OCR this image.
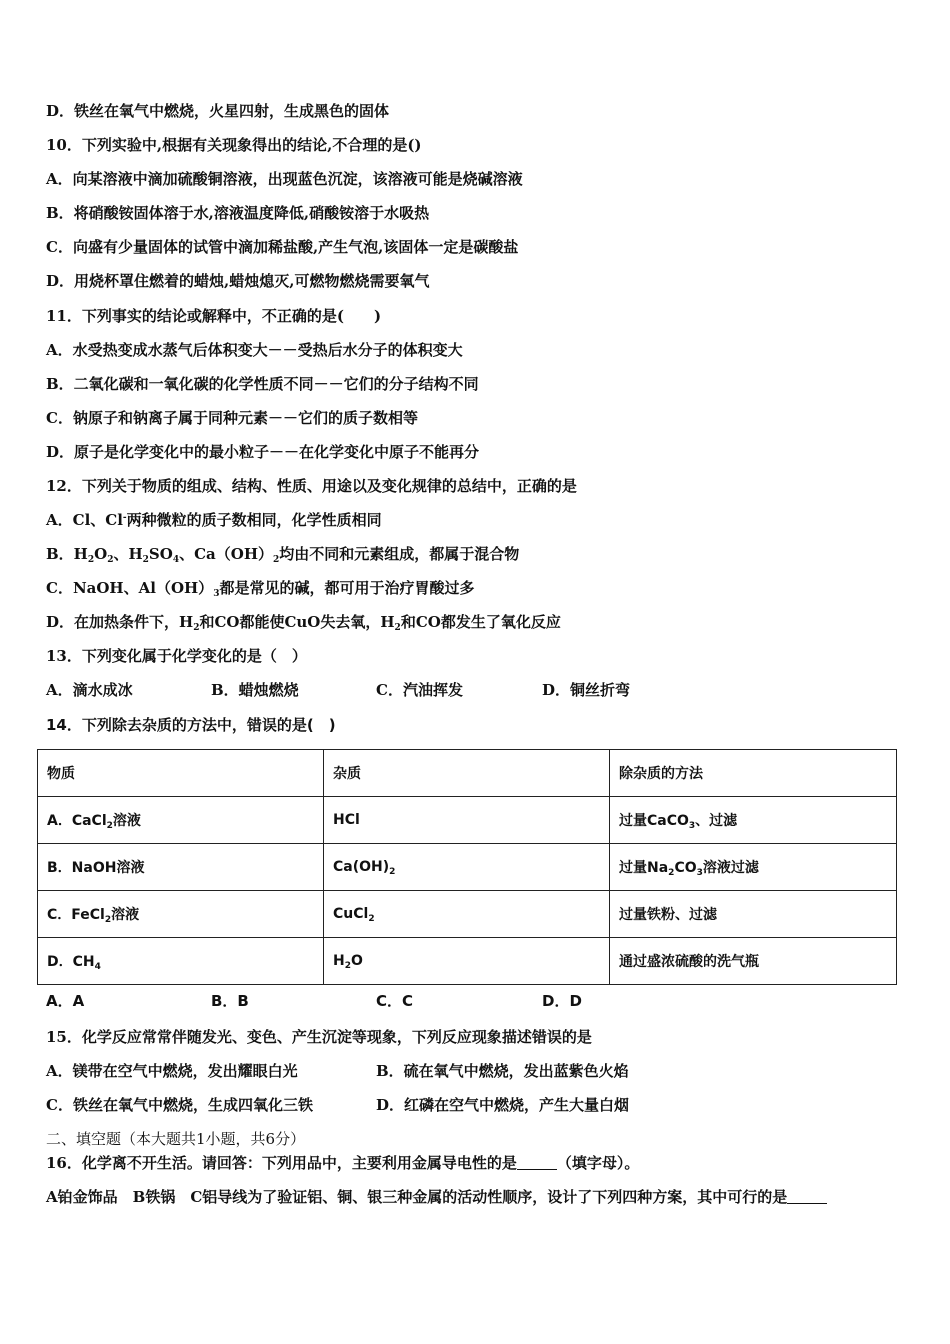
D．铁丝在氧气中燃烧，火星四射，生成黑色的固体
10．下列实验中,根据有关现象得出的结论,不合理的是()
A．向某溶液中滴加硫酸铜溶液，出现蓝色沉淀，该溶液可能是烧碱溶液
B．将硝酸铵固体溶于水,溶液温度降低,硝酸铵溶于水吸热
C．向盛有少量固体的试管中滴加稀盐酸,产生气泡,该固体一定是碳酸盐
D．用烧杯罩住燃着的蜡烛,蜡烛熄灭,可燃物燃烧需要氧气
11．下列事实的结论或解释中，不正确的是(　　)
A．水受热变成水蒸气后体积变大－－受热后水分子的体积变大
B．二氧化碳和一氧化碳的化学性质不同－－它们的分子结构不同
C．钠原子和钠离子属于同种元素－－它们的质子数相等
D．原子是化学变化中的最小粒子－－在化学变化中原子不能再分
12．下列关于物质的组成、结构、性质、用途以及变化规律的总结中，正确的是
A．Cl、Cl-两种微粒的质子数相同，化学性质相同
B．$H_2O_2$、$H_2SO_4$、$Ca(OH)_2$均由不同和元素组成，都属于混合物
C．NaOH、$Al(OH)_3$都是常见的碱，都可用于治疗胃酸过多
D．在加热条件下，$H_2$和CO都能使CuO失去氧，$H_2$和CO都发生了氧化反应
13．下列变化属于化学变化的是（　）
A．滴水成冰	B．蜡烛燃烧	C．汽油挥发	D．铜丝折弯
14．下列除去杂质的方法中，错误的是(　)
物质	杂质	除杂质的方法
A．CaCl$_2$溶液	HCl	过量CaCO$_3$、过滤
B．NaOH溶液	$Ca(OH)_2$	过量$Na_2CO_3$溶液过滤
C．FeCl$_2$溶液	CuCl$_2$	过量铁粉、过滤
D．$CH_4$	$H_2O$	通过盛浓硫酸的洗气瓶
A．A	B．B	C．C	D．D
15．化学反应常常伴随发光、变色、产生沉淀等现象，下列反应现象描述错误的是
A．镁带在空气中燃烧，发出耀眼白光	B．硫在氧气中燃烧，发出蓝紫色火焰
C．铁丝在氧气中燃烧，生成四氧化三铁	D．红磷在空气中燃烧，产生大量白烟
二、填空题（本大题共1小题，共6分）
16．化学离不开生活。请回答：下列用品中，主要利用金属导电性的是	（填字母）。
A铂金饰品　B铁锅　C铝导线为了验证铝、铜、银三种金属的活动性顺序，设计了下列四种方案，其中可行的是
